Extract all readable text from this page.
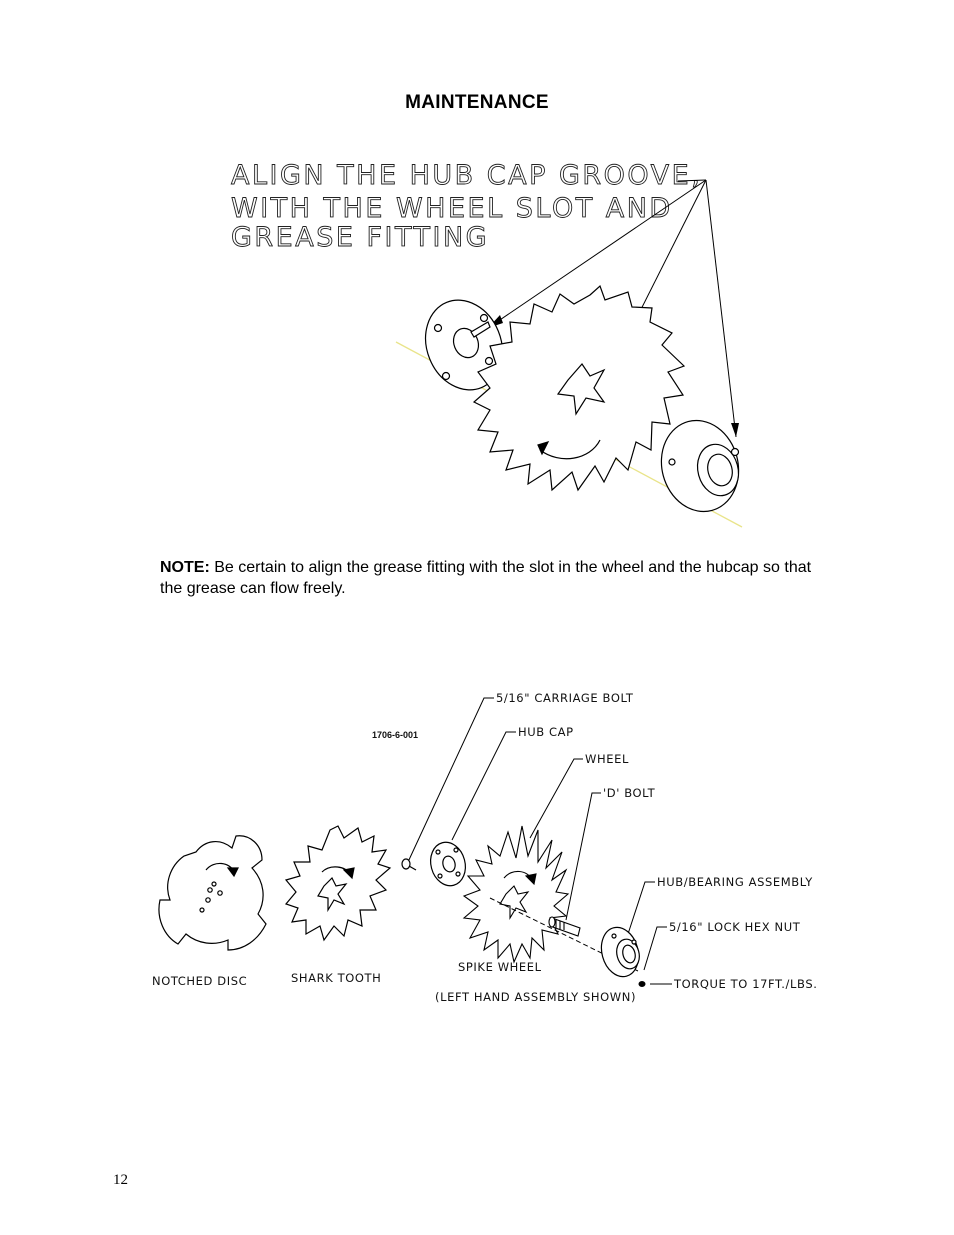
MAINTENANCE
ALIGN THE HUB CAP GROOVE,
WITH THE WHEEL SLOT AND
GREASE FITTING
1706-6-001
5/16" CARRIAGE BOLT
HUB CAP
WHEEL
'D' BOLT
HUB/BEARING ASSEMBLY
5/16" LOCK HEX NUT
TORQUE TO 17FT./LBS.
NOTCHED DISC	SHARK TOOTH
SPIKE WHEEL
(LEFT HAND ASSEMBLY SHOWN)
NOTE: Be certain to align the grease fitting with the slot in the wheel and the hubcap so that the grease can flow freely.
12
